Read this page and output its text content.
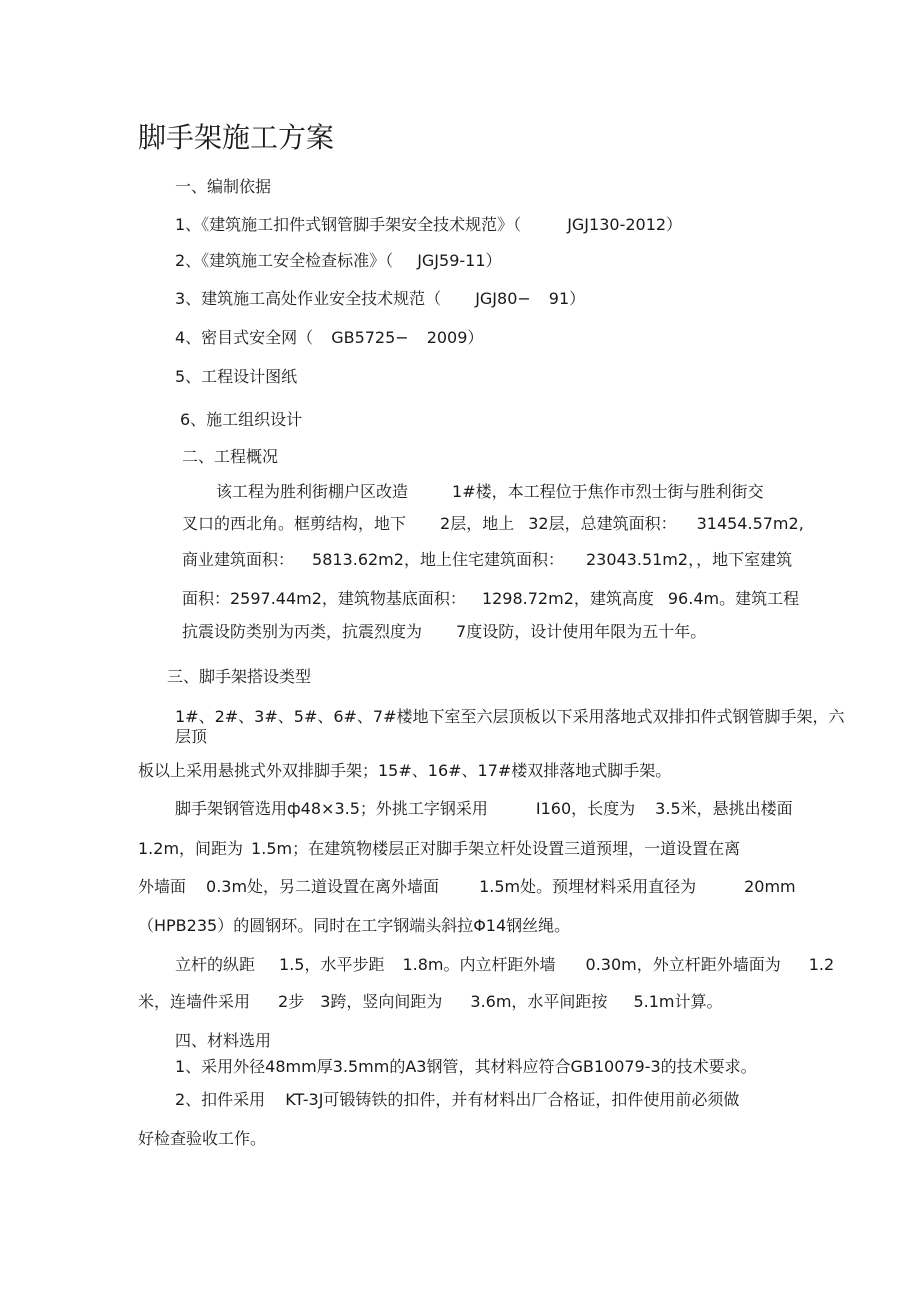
脚手架施工方案
一、编制依据
1、《建筑施工扣件式钢管脚手架安全技术规范》（	JGJ130-2012）
2、《建筑施工安全检查标准》（ JGJ59-11）
3、建筑施工高处作业安全技术规范（ JGJ80− 91）
4、密目式安全网（ GB5725− 2009）
5、工程设计图纸
6、施工组织设计
二、工程概况
该工程为胜利街棚户区改造	1#楼，本工程位于焦作市烈士街与胜利街交
叉口的西北角。框剪结构，地下 2层，地上 32层，总建筑面积： 31454.57m2,
商业建筑面积： 5813.62m2，地上住宅建筑面积： 23043.51m2，，地下室建筑
面积：2597.44m2，建筑物基底面积： 1298.72m2，建筑高度 96.4m。建筑工程
抗震设防类别为丙类，抗震烈度为 7度设防，设计使用年限为五十年。
三、脚手架搭设类型
1#、2#、3#、5#、6#、7#楼地下室至六层顶板以下采用落地式双排扣件式钢管脚手架，六
层顶
板以上采用悬挑式外双排脚手架；15#、16#、17#楼双排落地式脚手架。
脚手架钢管选用ф48×3.5；外挑工字钢采用	I160，长度为 3.5米，悬挑出楼面
1.2m，间距为 1.5m；在建筑物楼层正对脚手架立杆处设置三道预埋，一道设置在离
外墙面 0.3m处，另二道设置在离外墙面	1.5m处。预埋材料采用直径为	20mm
（HPB235）的圆钢环。同时在工字钢端头斜拉Φ14钢丝绳。
立杆的纵距 1.5，水平步距 1.8m。内立杆距外墙 0.30m，外立杆距外墙面为 1.2
米，连墙件采用 2步 3跨，竖向间距为 3.6m，水平间距按 5.1m计算。
四、材料选用
1、采用外径48mm厚3.5mm的A3钢管，其材料应符合GB10079-3的技术要求。
2、扣件采用 KT-3J可锻铸铁的扣件，并有材料出厂合格证，扣件使用前必须做
好检查验收工作。
